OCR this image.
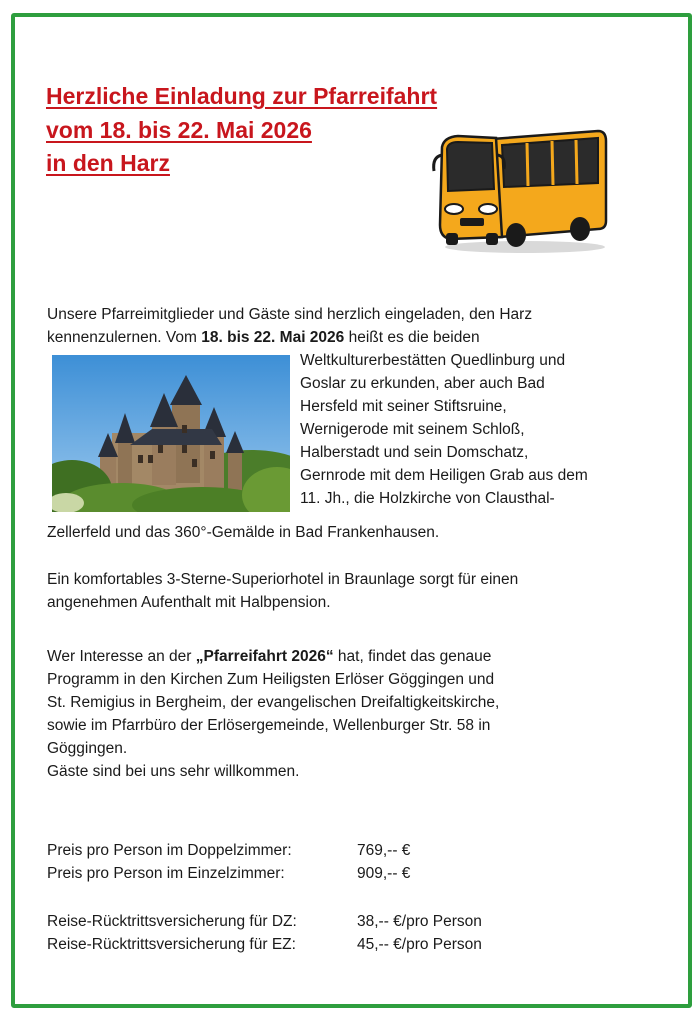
Herzliche Einladung zur Pfarreifahrt
vom 18. bis 22. Mai 2026
in den Harz

Unsere Pfarreimitglieder und Gäste sind herzlich eingeladen, den Harz

kennenzulernen. Vom 18. bis 22. Mai 2026 heißt es die beiden

Weltkulturerbestätten Quedlinburg und

Goslar zu erkunden, aber auch Bad

Hersfeld mit seiner Stiftsruine,

Wernigerode mit seinem Schloß,

Halberstadt und sein Domschatz,

Gernrode mit dem Heiligen Grab aus dem

11. Jh., die Holzkirche von Clausthal-

Zellerfeld und das 360°-Gemälde in Bad Frankenhausen.

Ein komfortables 3-Sterne-Superiorhotel in Braunlage sorgt für einen

angenehmen Aufenthalt mit Halbpension.

Wer Interesse an der „Pfarreifahrt 2026“ hat, findet das genaue

Programm in den Kirchen Zum Heiligsten Erlöser Göggingen und

St. Remigius in Bergheim, der evangelischen Dreifaltigkeitskirche,

sowie im Pfarrbüro der Erlösergemeinde, Wellenburger Str. 58 in

Göggingen.

Gäste sind bei uns sehr willkommen.

Preis pro Person im Doppelzimmer:	769,-- €
Preis pro Person im Einzelzimmer:	909,-- €
Reise-Rücktrittsversicherung für DZ:	38,-- €/pro Person
Reise-Rücktrittsversicherung für EZ:	45,-- €/pro Person
